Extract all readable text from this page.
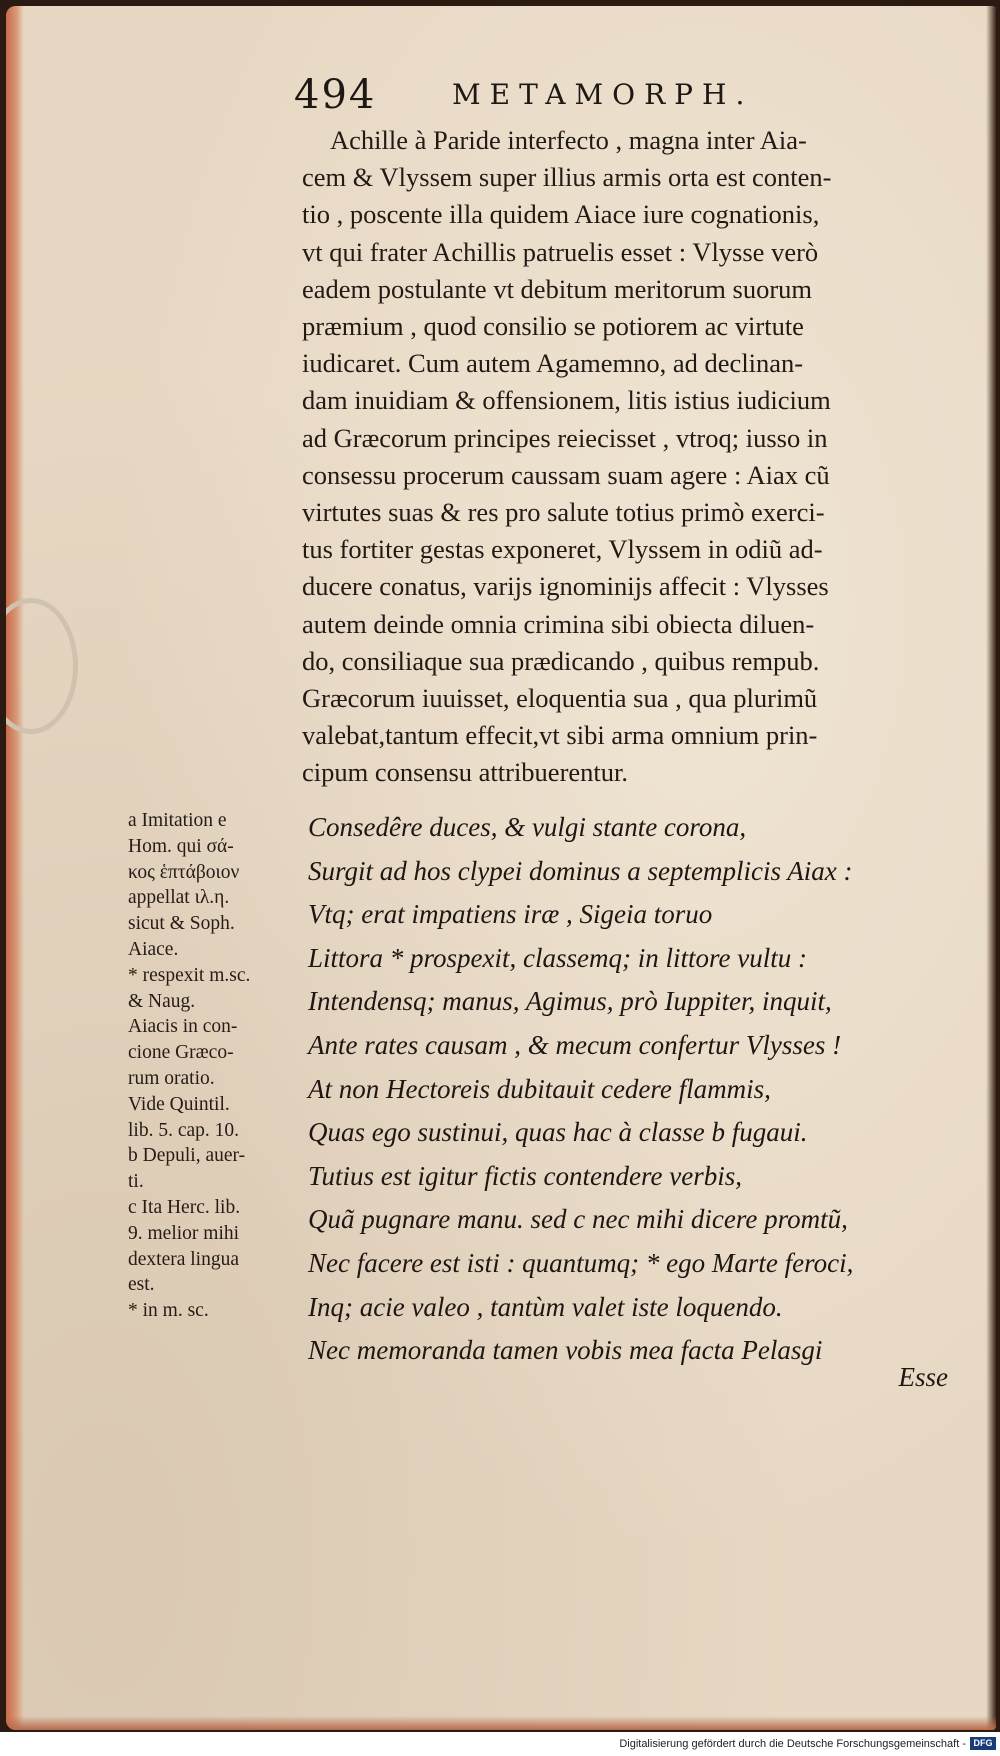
494	METAMORPH.
Achille à Paride interfecto , magna inter Aia-
cem & Vlyssem super illius armis orta est conten-
tio , poscente illa quidem Aiace iure cognationis,
vt qui frater Achillis patruelis esset : Vlysse verò
eadem postulante vt debitum meritorum suorum
præmium , quod consilio se potiorem ac virtute
iudicaret. Cum autem Agamemno, ad declinan-
dam inuidiam & offensionem, litis istius iudicium
ad Græcorum principes reiecisset , vtroq; iusso in
consessu procerum caussam suam agere : Aiax cũ
virtutes suas & res pro salute totius primò exerci-
tus fortiter gestas exponeret, Vlyssem in odiũ ad-
ducere conatus, varijs ignominijs affecit : Vlysses
autem deinde omnia crimina sibi obiecta diluen-
do, consiliaque sua prædicando , quibus rempub.
Græcorum iuuisset, eloquentia sua , qua plurimũ
valebat,tantum effecit,vt sibi arma omnium prin-
cipum consensu attribuerentur.
a Imitation e
Hom. qui σά-
κος ἑπτάβοιον
appellat ιλ.η.
sicut & Soph.
Aiace.
* respexit m.sc.
& Naug.
Aiacis in con-
cione Græco-
rum oratio.
Vide Quintil.
lib. 5. cap. 10.
b Depuli, auer-
ti.
c Ita Herc. lib.
9. melior mihi
dextera lingua
est.
* in m. sc.
Consedêre duces, & vulgi stante corona,
Surgit ad hos clypei dominus a septemplicis Aiax :
Vtq; erat impatiens iræ , Sigeia toruo
Littora * prospexit, classemq; in littore vultu :
Intendensq; manus, Agimus, prò Iuppiter, inquit,
Ante rates causam , & mecum confertur Vlysses !
At non Hectoreis dubitauit cedere flammis,
Quas ego sustinui, quas hac à classe b fugaui.
Tutius est igitur fictis contendere verbis,
Quã pugnare manu. sed c nec mihi dicere promtũ,
Nec facere est isti : quantumq; * ego Marte feroci,
Inq; acie valeo , tantùm valet iste loquendo.
Nec memoranda tamen vobis mea facta Pelasgi
Esse
Digitalisierung gefördert durch die Deutsche Forschungsgemeinschaft - DFG
